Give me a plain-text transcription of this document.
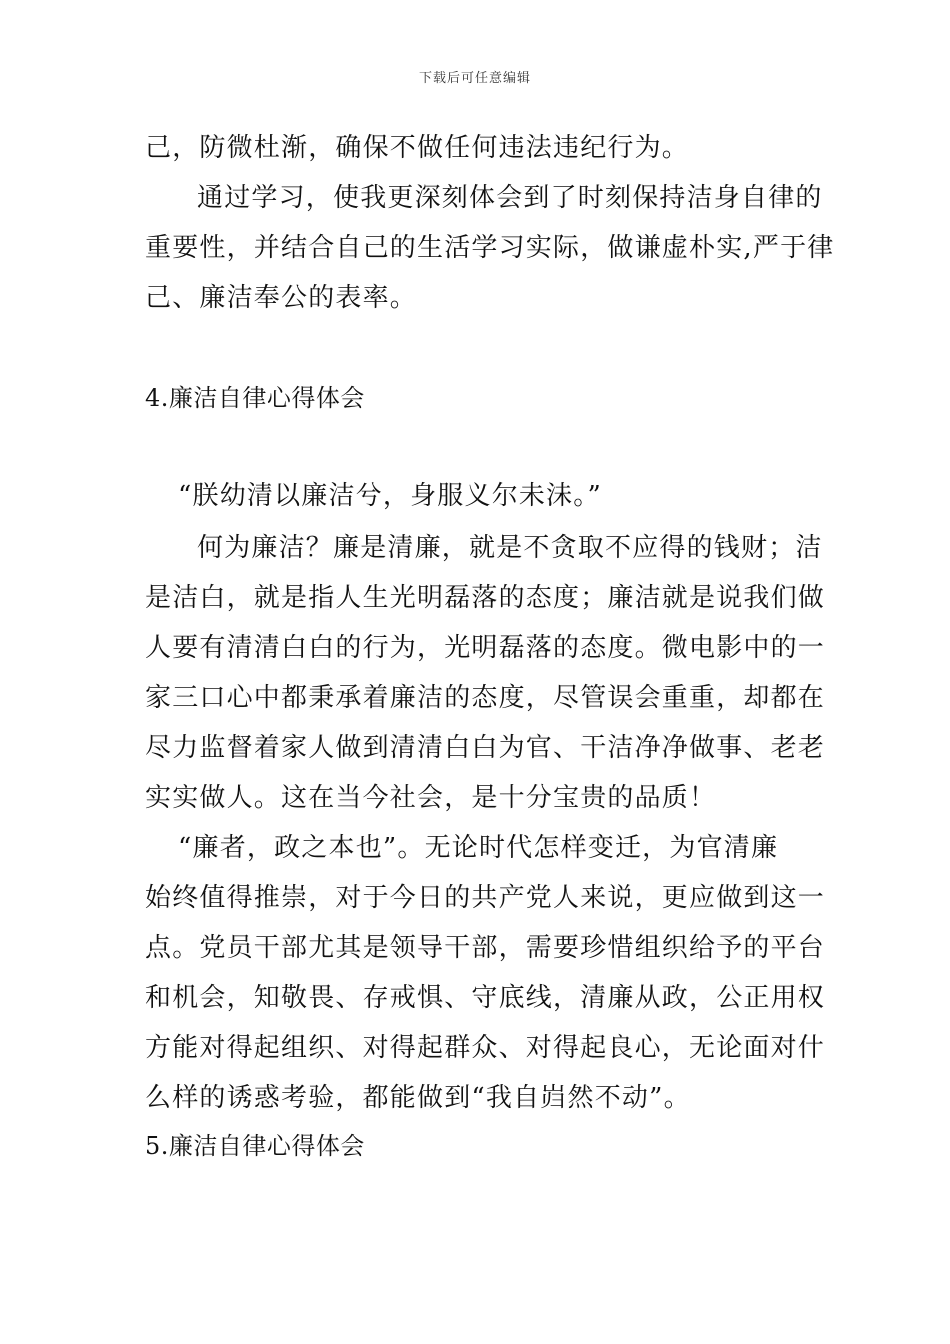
下载后可任意编辑
己，防微杜渐，确保不做任何违法违纪行为。
通过学习，使我更深刻体会到了时刻保持洁身自律的
重要性，并结合自己的生活学习实际，做谦虚朴实,严于律
己、廉洁奉公的表率。
4.廉洁自律心得体会
“朕幼清以廉洁兮，身服义尔未沬。”
何为廉洁？廉是清廉，就是不贪取不应得的钱财；洁
是洁白，就是指人生光明磊落的态度；廉洁就是说我们做
人要有清清白白的行为，光明磊落的态度。微电影中的一
家三口心中都秉承着廉洁的态度，尽管误会重重，却都在
尽力监督着家人做到清清白白为官、干洁净净做事、老老
实实做人。这在当今社会，是十分宝贵的品质！
“廉者，政之本也”。无论时代怎样变迁，为官清廉
始终值得推崇，对于今日的共产党人来说，更应做到这一
点。党员干部尤其是领导干部，需要珍惜组织给予的平台
和机会，知敬畏、存戒惧、守底线，清廉从政，公正用权
方能对得起组织、对得起群众、对得起良心，无论面对什
么样的诱惑考验，都能做到“我自岿然不动”。
5.廉洁自律心得体会
